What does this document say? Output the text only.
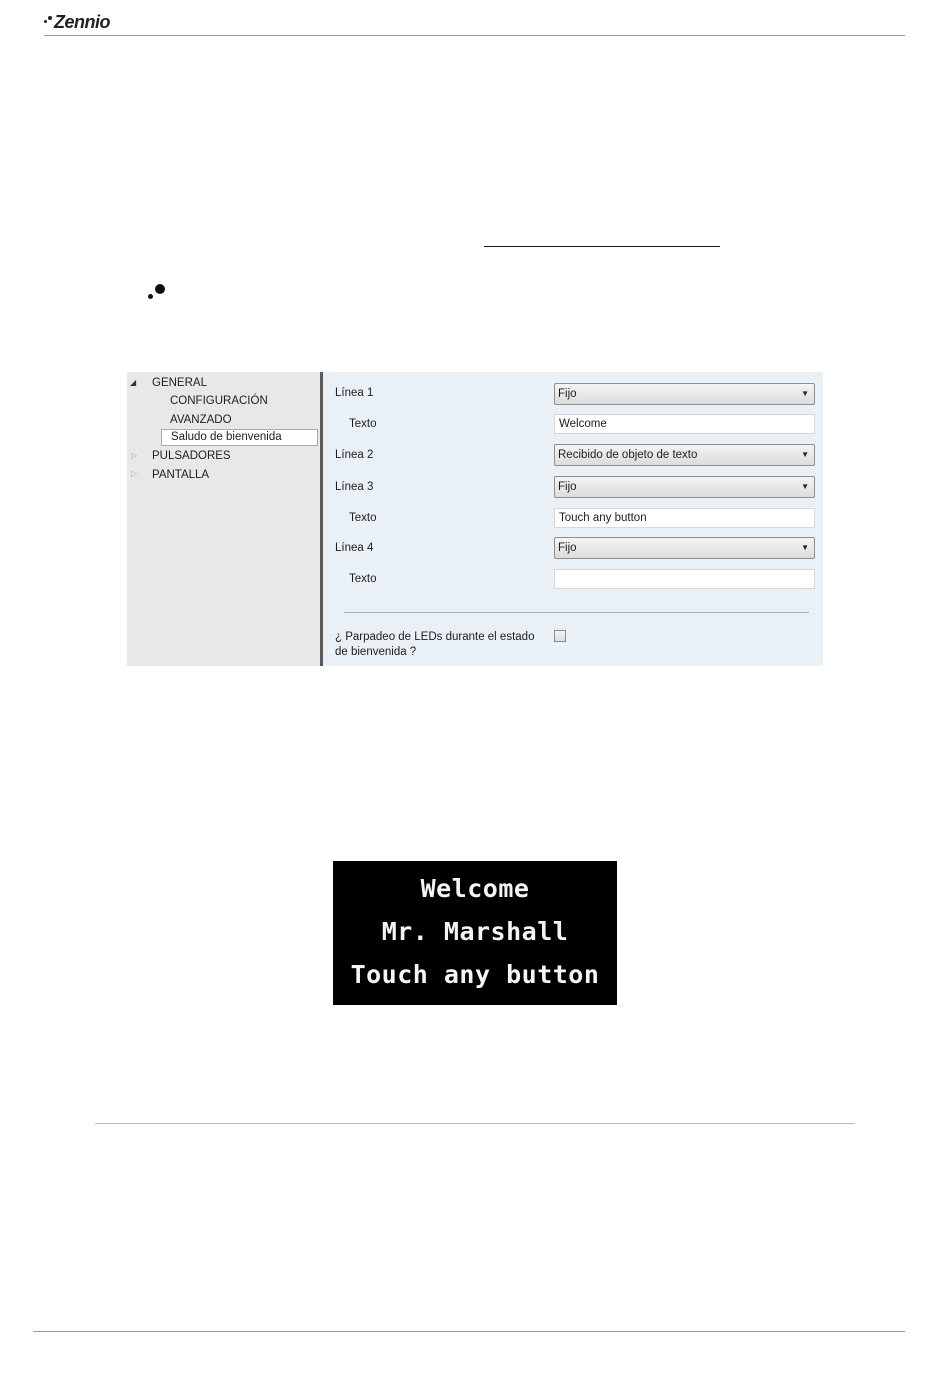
Zennio
◢	GENERAL
CONFIGURACIÓN
AVANZADO
Saludo de bienvenida
▷	PULSADORES
▷	PANTALLA
Línea 1	Fijo	▼
Texto	Welcome
Línea 2	Recibido de objeto de texto	▼
Línea 3	Fijo	▼
Texto	Touch any button
Línea 4	Fijo	▼
Texto
¿ Parpadeo de LEDs durante el estado de bienvenida ?
Welcome
Mr. Marshall
Touch any button
